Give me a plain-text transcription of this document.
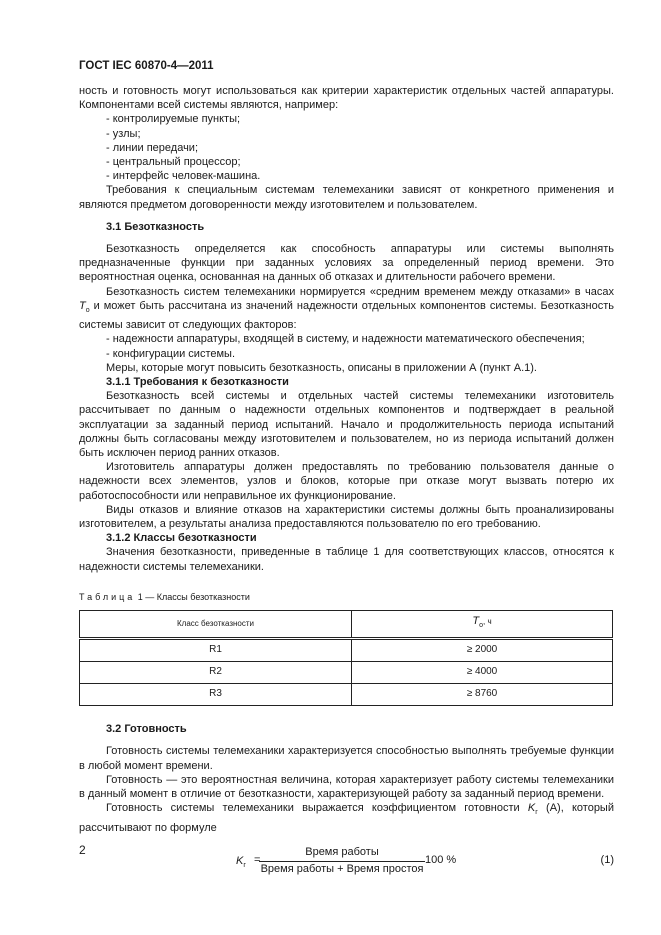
ГОСТ IEC 60870-4—2011

ность и готовность могут использоваться как критерии характеристик отдельных частей аппаратуры. Компонентами всей системы являются, например:

- контролируемые пункты;

- узлы;

- линии передачи;

- центральный процессор;

- интерфейс человек-машина.

Требования к специальным системам телемеханики зависят от конкретного применения и являются предметом договоренности между изготовителем и пользователем.

3.1 Безотказность

Безотказность определяется как способность аппаратуры или системы выполнять предназначенные функции при заданных условиях за определенный период времени. Это вероятностная оценка, основанная на данных об отказах и длительности рабочего времени.

Безотказность систем телемеханики нормируется «средним временем между отказами» в часах $T_о$ и может быть рассчитана из значений надежности отдельных компонентов системы. Безотказность системы зависит от следующих факторов:

- надежности аппаратуры, входящей в систему, и надежности математического обеспечения;

- конфигурации системы.

Меры, которые могут повысить безотказность, описаны в приложении А (пункт А.1).

3.1.1 Требования к безотказности

Безотказность всей системы и отдельных частей системы телемеханики изготовитель рассчитывает по данным о надежности отдельных компонентов и подтверждает в реальной эксплуатации за заданный период испытаний. Начало и продолжительность периода испытаний должны быть согласованы между изготовителем и пользователем, но из периода испытаний должен быть исключен период ранних отказов.

Изготовитель аппаратуры должен предоставлять по требованию пользователя данные о надежности всех элементов, узлов и блоков, которые при отказе могут вызвать потерю их работоспособности или неправильное их функционирование.

Виды отказов и влияние отказов на характеристики системы должны быть проанализированы изготовителем, а результаты анализа предоставляются пользователю по его требованию.

3.1.2 Классы безотказности

Значения безотказности, приведенные в таблице 1 для соответствующих классов, относятся к надежности системы телемеханики.

Таблица 1 — Классы безотказности
Класс безотказности	$T_о$, ч
R1	≥ 2000
R2	≥ 4000
R3	≥ 8760

3.2 Готовность

Готовность системы телемеханики характеризуется способностью выполнять требуемые функции в любой момент времени.

Готовность — это вероятностная величина, которая характеризует работу системы телемеханики в данный момент в отличие от безотказности, характеризующей работу за заданный период времени.

Готовность системы телемеханики выражается коэффициентом готовности $K_г$ (А), который рассчитывают по формуле

$K_г$ =
Время работы
Время работы + Время простоя
100 %	(1)
2
